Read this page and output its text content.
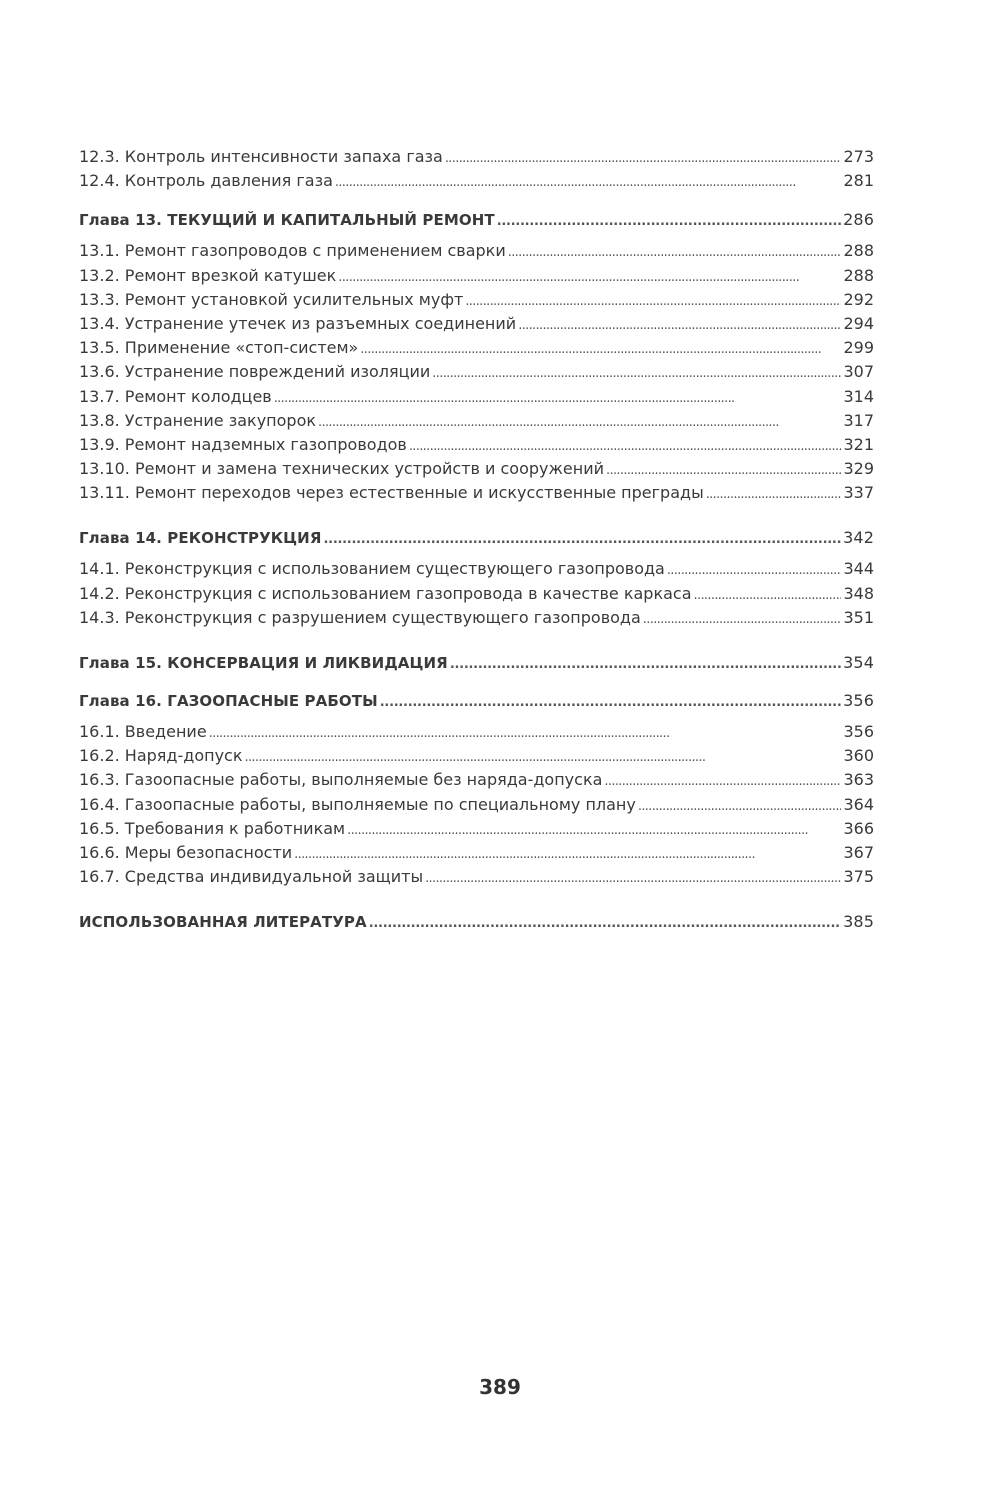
12.3. Контроль интенсивности запаха газа . . .	273
12.4. Контроль давления газа . . .	281
Глава 13. ТЕКУЩИЙ И КАПИТАЛЬНЫЙ РЕМОНТ . . .	286
13.1. Ремонт газопроводов с применением сварки . . .	288
13.2. Ремонт врезкой катушек . . .	288
13.3. Ремонт установкой усилительных муфт . . .	292
13.4. Устранение утечек из разъемных соединений . . .	294
13.5. Применение «стоп-систем» . . .	299
13.6. Устранение повреждений изоляции . . .	307
13.7. Ремонт колодцев . . .	314
13.8. Устранение закупорок . . .	317
13.9. Ремонт надземных газопроводов . . .	321
13.10. Ремонт и замена технических устройств и сооружений . . .	329
13.11. Ремонт переходов через естественные и искусственные преграды . . .	337
Глава 14. РЕКОНСТРУКЦИЯ . . .	342
14.1. Реконструкция с использованием существующего газопровода . . .	344
14.2. Реконструкция с использованием газопровода в качестве каркаса . . .	348
14.3. Реконструкция с разрушением существующего газопровода . . .	351
Глава 15. КОНСЕРВАЦИЯ И ЛИКВИДАЦИЯ . . .	354
Глава 16. ГАЗООПАСНЫЕ РАБОТЫ . . .	356
16.1. Введение . . .	356
16.2. Наряд-допуск . . .	360
16.3. Газоопасные работы, выполняемые без наряда-допуска . . .	363
16.4. Газоопасные работы, выполняемые по специальному плану . . .	364
16.5. Требования к работникам . . .	366
16.6. Меры безопасности . . .	367
16.7. Средства индивидуальной защиты . . .	375
ИСПОЛЬЗОВАННАЯ ЛИТЕРАТУРА . . .	385
389
